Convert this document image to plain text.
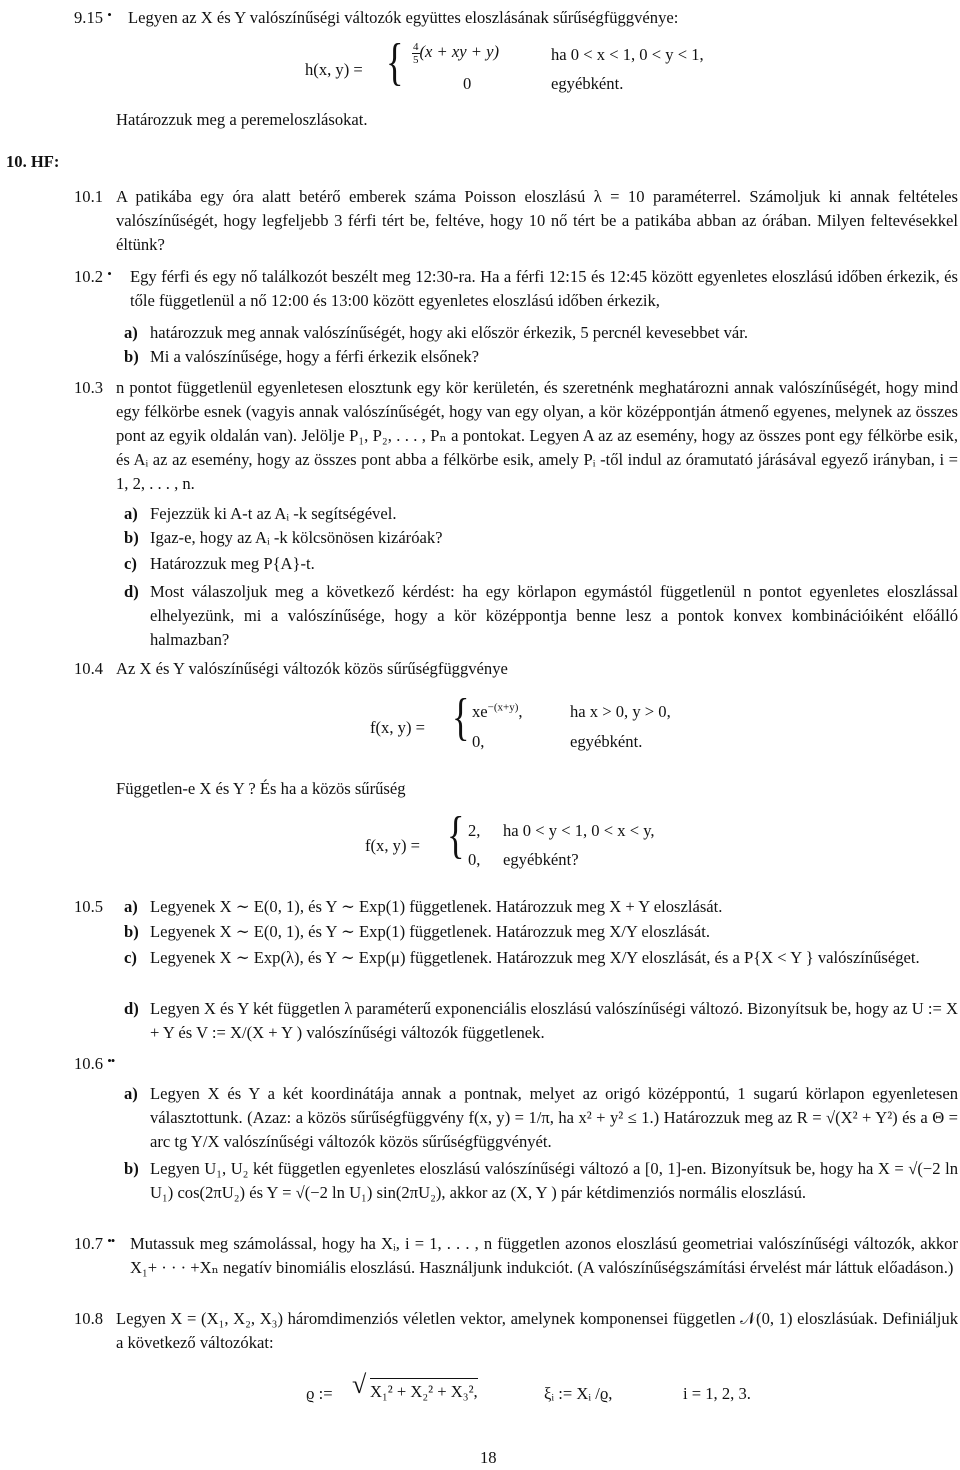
9.15 • Legyen az X és Y valószínűségi változók együttes eloszlásának sűrűségfüggvénye:
h(x, y) = { $\frac{4}{5} (x$ + xy + y)	ha 0 < x < 1, 0 < y < 1,
0	egyébként.
Határozzuk meg a peremeloszlásokat.
10. HF:
10.1 A patikába egy óra alatt betérő emberek száma Poisson eloszlású λ = 10 paraméterrel. Számoljuk ki annak feltételes valószínűségét, hogy legfeljebb 3 férfi tért be, feltéve, hogy 10 nő tért be a patikába abban az órában. Milyen feltevésekkel éltünk?
10.2 • Egy férfi és egy nő találkozót beszélt meg 12:30-ra. Ha a férfi 12:15 és 12:45 között egyenletes eloszlású időben érkezik, és tőle függetlenül a nő 12:00 és 13:00 között egyenletes eloszlású időben érkezik,
a) határozzuk meg annak valószínűségét, hogy aki először érkezik, 5 percnél kevesebbet vár.
b) Mi a valószínűsége, hogy a férfi érkezik elsőnek?
10.3 n pontot függetlenül egyenletesen elosztunk egy kör kerületén, és szeretnénk meghatározni annak valószínűségét, hogy mind egy félkörbe esnek (vagyis annak valószínűségét, hogy van egy olyan, a kör középpontján átmenő egyenes, melynek az összes pont az egyik oldalán van). Jelölje P₁, P₂, . . . , Pₙ a pontokat. Legyen A az az esemény, hogy az összes pont egy félkörbe esik, és Aᵢ az az esemény, hogy az összes pont abba a félkörbe esik, amely Pᵢ -től indul az óramutató járásával egyező irányban, i = 1, 2, . . . , n.
a) Fejezzük ki A-t az Aᵢ -k segítségével.
b) Igaz-e, hogy az Aᵢ -k kölcsönösen kizáróak?
c) Határozzuk meg P{A}-t.
d) Most válaszoljuk meg a következő kérdést: ha egy körlapon egymástól függetlenül n pontot egyenletes eloszlással elhelyezünk, mi a valószínűsége, hogy a kör középpontja benne lesz a pontok konvex kombinációiként előálló halmazban?
10.4 Az X és Y valószínűségi változók közös sűrűségfüggvénye
f(x, y) = { $xe^{-(x+y)}$,	ha x > 0, y > 0,
0,	egyébként.
Független-e X és Y ? És ha a közös sűrűség
f(x, y) = { 2, ha 0 < y < 1, 0 < x < y,
0, egyébként?
10.5 a) Legyenek X ∼ E(0, 1), és Y ∼ Exp(1) függetlenek. Határozzuk meg X + Y eloszlását.
b) Legyenek X ∼ E(0, 1), és Y ∼ Exp(1) függetlenek. Határozzuk meg X/Y eloszlását.
c) Legyenek X ∼ Exp(λ), és Y ∼ Exp(μ) függetlenek. Határozzuk meg X/Y eloszlását, és a P{X < Y } valószínűséget.
d) Legyen X és Y két független λ paraméterű exponenciális eloszlású valószínűségi változó. Bizonyítsuk be, hogy az U := X + Y és V := X/(X + Y ) valószínűségi változók függetlenek.
10.6 ••
a) Legyen X és Y a két koordinátája annak a pontnak, melyet az origó középpontú, 1 sugarú körlapon egyenletesen választottunk. (Azaz: a közös sűrűségfüggvény f(x, y) = 1/π, ha x² + y² ≤ 1.) Határozzuk meg az R = √(X² + Y²) és a Θ = arc tg Y/X valószínűségi változók közös sűrűségfüggvényét.
b) Legyen U₁, U₂ két független egyenletes eloszlású valószínűségi változó a [0, 1]-en. Bizonyítsuk be, hogy ha X = √(−2 ln U₁) cos(2πU₂) és Y = √(−2 ln U₁) sin(2πU₂), akkor az (X, Y ) pár kétdimenziós normális eloszlású.
10.7 •• Mutassuk meg számolással, hogy ha Xᵢ, i = 1, . . . , n független azonos eloszlású geometriai valószínűségi változók, akkor X₁+ · · · +Xₙ negatív binomiális eloszlású. Használjunk indukciót. (A valószínűségszámítási érvelést már láttuk előadáson.)
10.8 Legyen X = (X₁, X₂, X₃) háromdimenziós véletlen vektor, amelynek komponensei független 𝒩(0, 1) eloszlásúak. Definiáljuk a következő változókat:
ϱ := √ X₁² + X₂² + X₃²,	ξᵢ := Xᵢ /ϱ,	i = 1, 2, 3.
18
